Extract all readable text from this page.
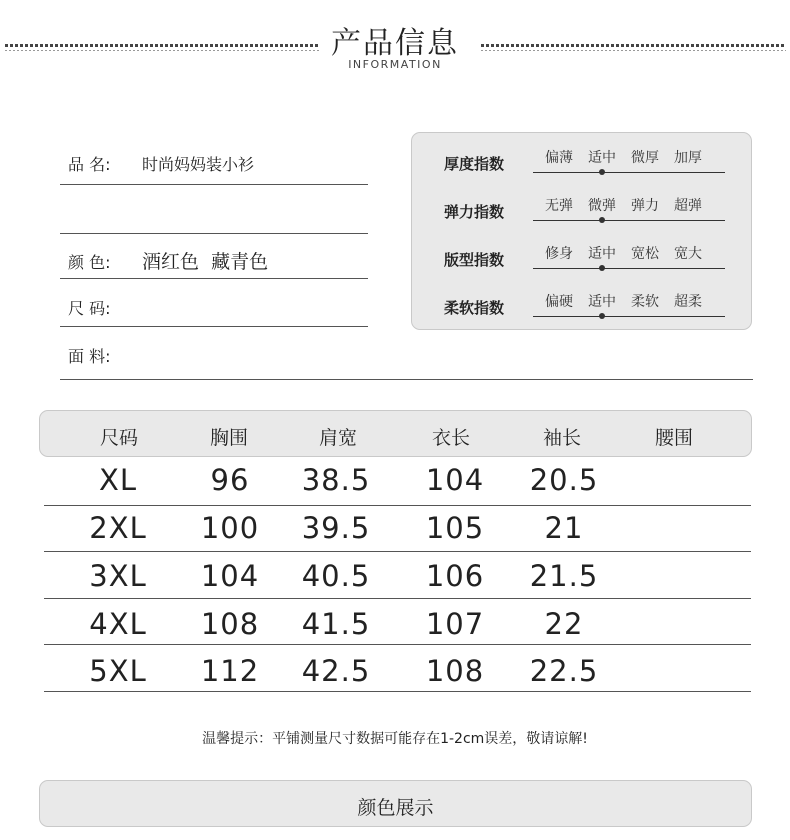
产品信息
INFORMATION
品 名: 时尚妈妈装小衫
颜 色: 酒红色  藏青色
尺 码:
面 料:
厚度指数	偏薄 适中 微厚 加厚
弹力指数	无弹 微弹 弹力 超弹
版型指数	修身 适中 宽松 宽大
柔软指数	偏硬 适中 柔软 超柔
尺码	胸围	肩宽	衣长	袖长	腰围
XL	96	38.5	104	20.5
2XL	100	39.5	105	21
3XL	104	40.5	106	21.5
4XL	108	41.5	107	22
5XL	112	42.5	108	22.5
温馨提示：平铺测量尺寸数据可能存在1-2cm误差，敬请谅解!
颜色展示
